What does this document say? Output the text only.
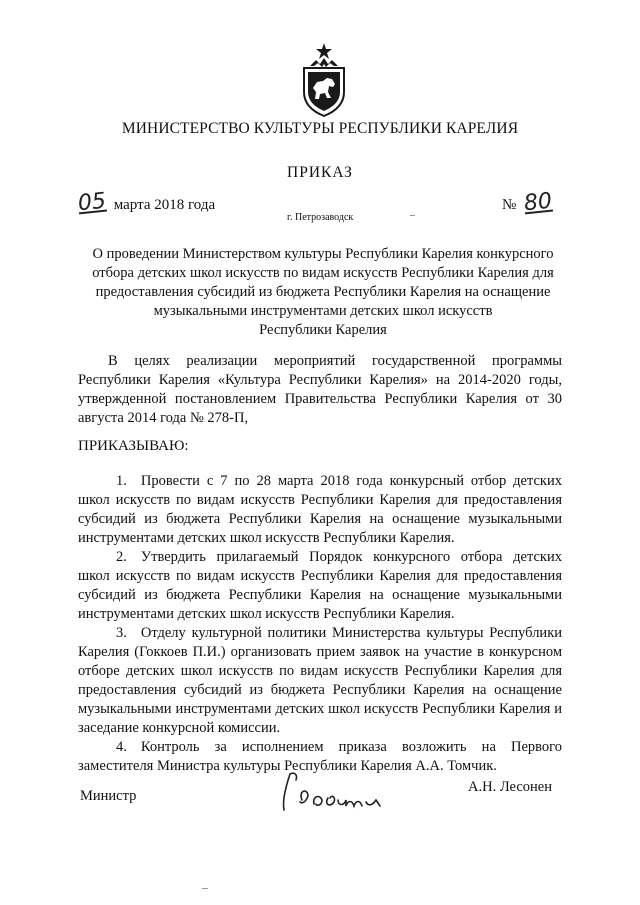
МИНИСТЕРСТВО КУЛЬТУРЫ РЕСПУБЛИКИ КАРЕЛИЯ
ПРИКАЗ
05 марта 2018 года	№ 80
г. Петрозаводск
О проведении Министерством культуры Республики Карелия конкурсного
отбора детских школ искусств по видам искусств Республики Карелия для
предоставления субсидий из бюджета Республики Карелия на оснащение
музыкальными инструментами детских школ искусств
Республики Карелия
В целях реализации мероприятий государственной программы Республики Карелия «Культура Республики Карелия» на 2014-2020 годы, утвержденной постановлением Правительства Республики Карелия от 30 августа 2014 года № 278-П,
ПРИКАЗЫВАЮ:

1. Провести с 7 по 28 марта 2018 года конкурсный отбор детских школ искусств по видам искусств Республики Карелия для предоставления субсидий из бюджета Республики Карелия на оснащение музыкальными инструментами детских школ искусств Республики Карелия.

2. Утвердить прилагаемый Порядок конкурсного отбора детских школ искусств по видам искусств Республики Карелия для предоставления субсидий из бюджета Республики Карелия на оснащение музыкальными инструментами детских школ искусств Республики Карелия.

3. Отделу культурной политики Министерства культуры Республики Карелия (Гоккоев П.И.) организовать прием заявок на участие в конкурсном отборе детских школ искусств по видам искусств Республики Карелия для предоставления субсидий из бюджета Республики Карелия на оснащение музыкальными инструментами детских школ искусств Республики Карелия и заседание конкурсной комиссии.

4. Контроль за исполнением приказа возложить на Первого заместителя Министра культуры Республики Карелия А.А. Томчик.

Министр
А.Н. Лесонен
